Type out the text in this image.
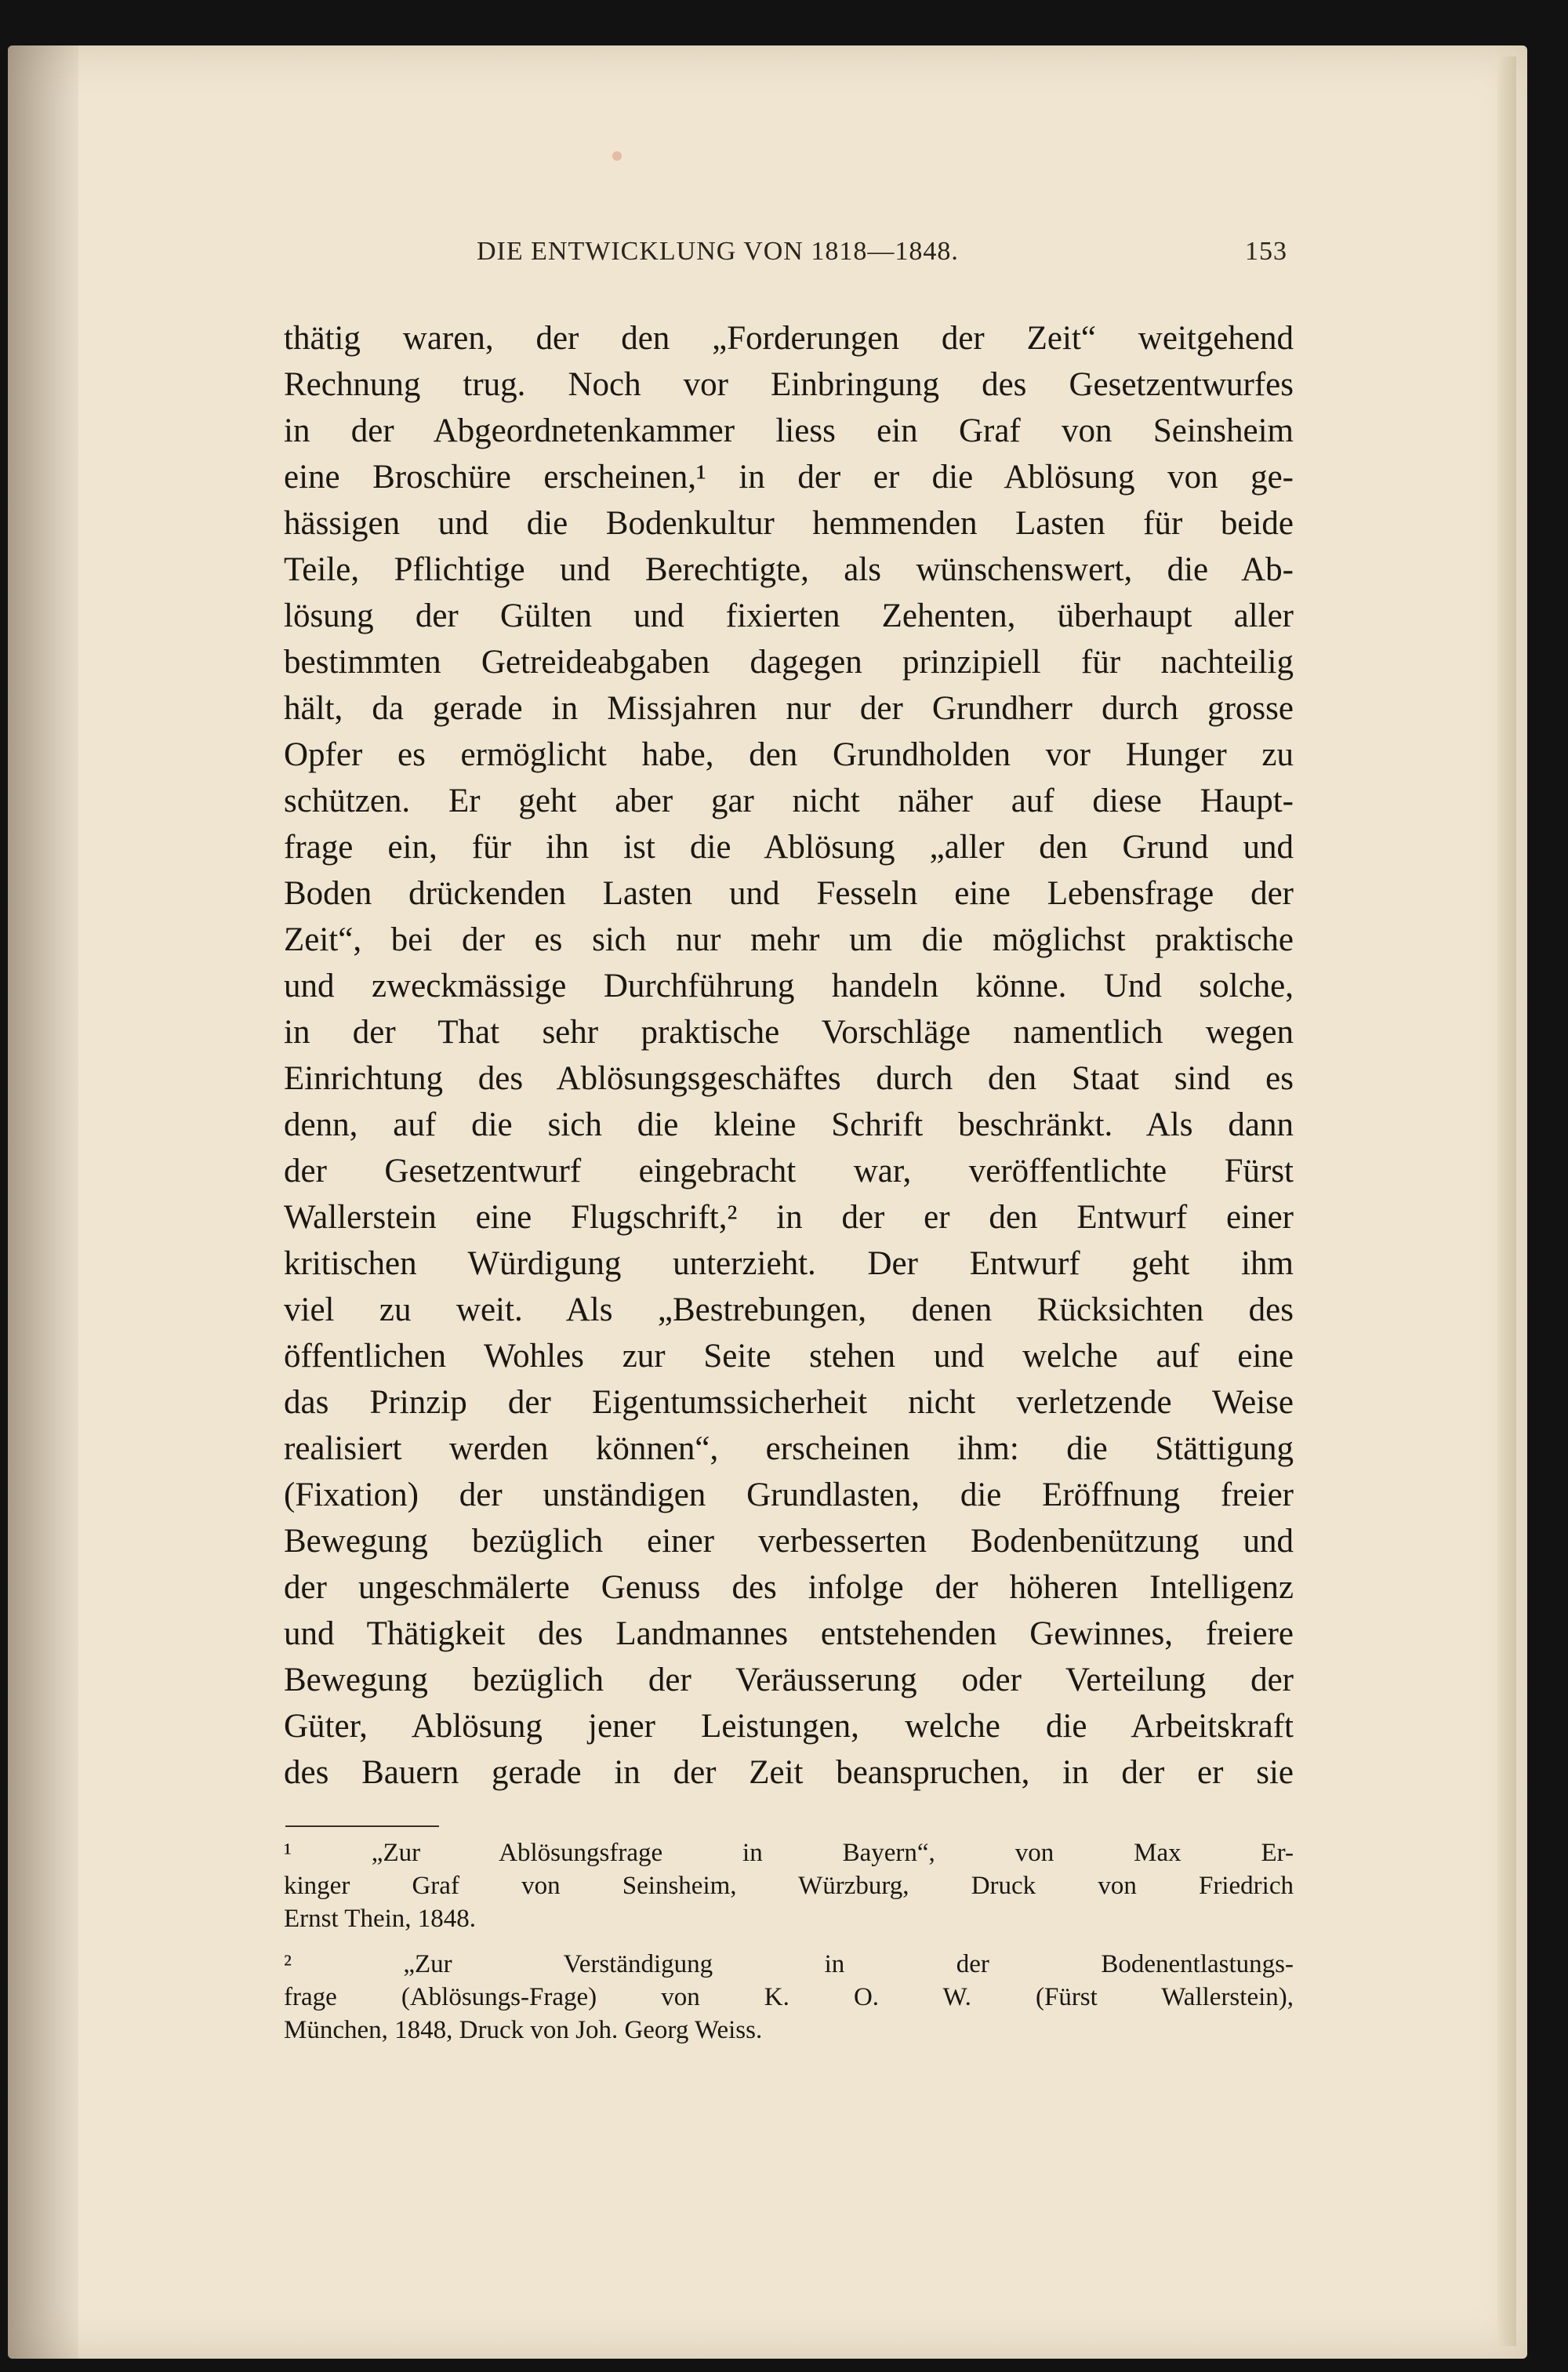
DIE ENTWICKLUNG VON 1818—1848.	153
thätig waren, der den „Forderungen der Zeit“ weitgehend
Rechnung trug. Noch vor Einbringung des Gesetzentwurfes
in der Abgeordnetenkammer liess ein Graf von Seinsheim
eine Broschüre erscheinen,¹ in der er die Ablösung von ge-
hässigen und die Bodenkultur hemmenden Lasten für beide
Teile, Pflichtige und Berechtigte, als wünschenswert, die Ab-
lösung der Gülten und fixierten Zehenten, überhaupt aller
bestimmten Getreideabgaben dagegen prinzipiell für nachteilig
hält, da gerade in Missjahren nur der Grundherr durch grosse
Opfer es ermöglicht habe, den Grundholden vor Hunger zu
schützen. Er geht aber gar nicht näher auf diese Haupt-
frage ein, für ihn ist die Ablösung „aller den Grund und
Boden drückenden Lasten und Fesseln eine Lebensfrage der
Zeit“, bei der es sich nur mehr um die möglichst praktische
und zweckmässige Durchführung handeln könne. Und solche,
in der That sehr praktische Vorschläge namentlich wegen
Einrichtung des Ablösungsgeschäftes durch den Staat sind es
denn, auf die sich die kleine Schrift beschränkt. Als dann
der Gesetzentwurf eingebracht war, veröffentlichte Fürst
Wallerstein eine Flugschrift,² in der er den Entwurf einer
kritischen Würdigung unterzieht. Der Entwurf geht ihm
viel zu weit. Als „Bestrebungen, denen Rücksichten des
öffentlichen Wohles zur Seite stehen und welche auf eine
das Prinzip der Eigentumssicherheit nicht verletzende Weise
realisiert werden können“, erscheinen ihm: die Stättigung
(Fixation) der unständigen Grundlasten, die Eröffnung freier
Bewegung bezüglich einer verbesserten Bodenbenützung und
der ungeschmälerte Genuss des infolge der höheren Intelligenz
und Thätigkeit des Landmannes entstehenden Gewinnes, freiere
Bewegung bezüglich der Veräusserung oder Verteilung der
Güter, Ablösung jener Leistungen, welche die Arbeitskraft
des Bauern gerade in der Zeit beanspruchen, in der er sie
¹ „Zur Ablösungsfrage in Bayern“, von Max Er-
kinger Graf von Seinsheim, Würzburg, Druck von Friedrich
Ernst Thein, 1848.
² „Zur Verständigung in der Bodenentlastungs-
frage (Ablösungs-Frage) von K. O. W. (Fürst Wallerstein),
München, 1848, Druck von Joh. Georg Weiss.
